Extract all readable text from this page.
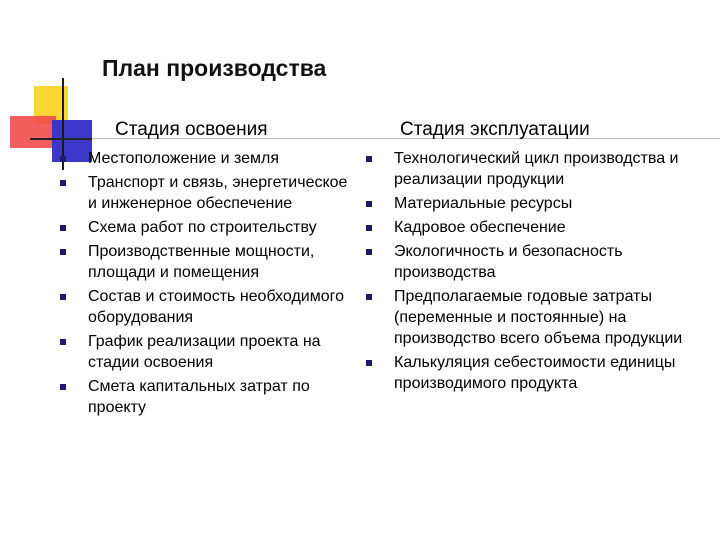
План производства
Стадия освоения	Стадия эксплуатации
Местоположение и земля
Транспорт и связь, энергетическое и инженерное обеспечение
Схема работ по строительству
Производственные мощности, площади и помещения
Состав и стоимость необходимого оборудования
График реализации проекта на стадии освоения
Смета капитальных затрат по проекту
Технологический цикл производства и реализации продукции
Материальные ресурсы
Кадровое обеспечение
Экологичность и безопасность производства
Предполагаемые годовые затраты (переменные и постоянные) на производство всего объема продукции
Калькуляция себестоимости единицы производимого продукта
